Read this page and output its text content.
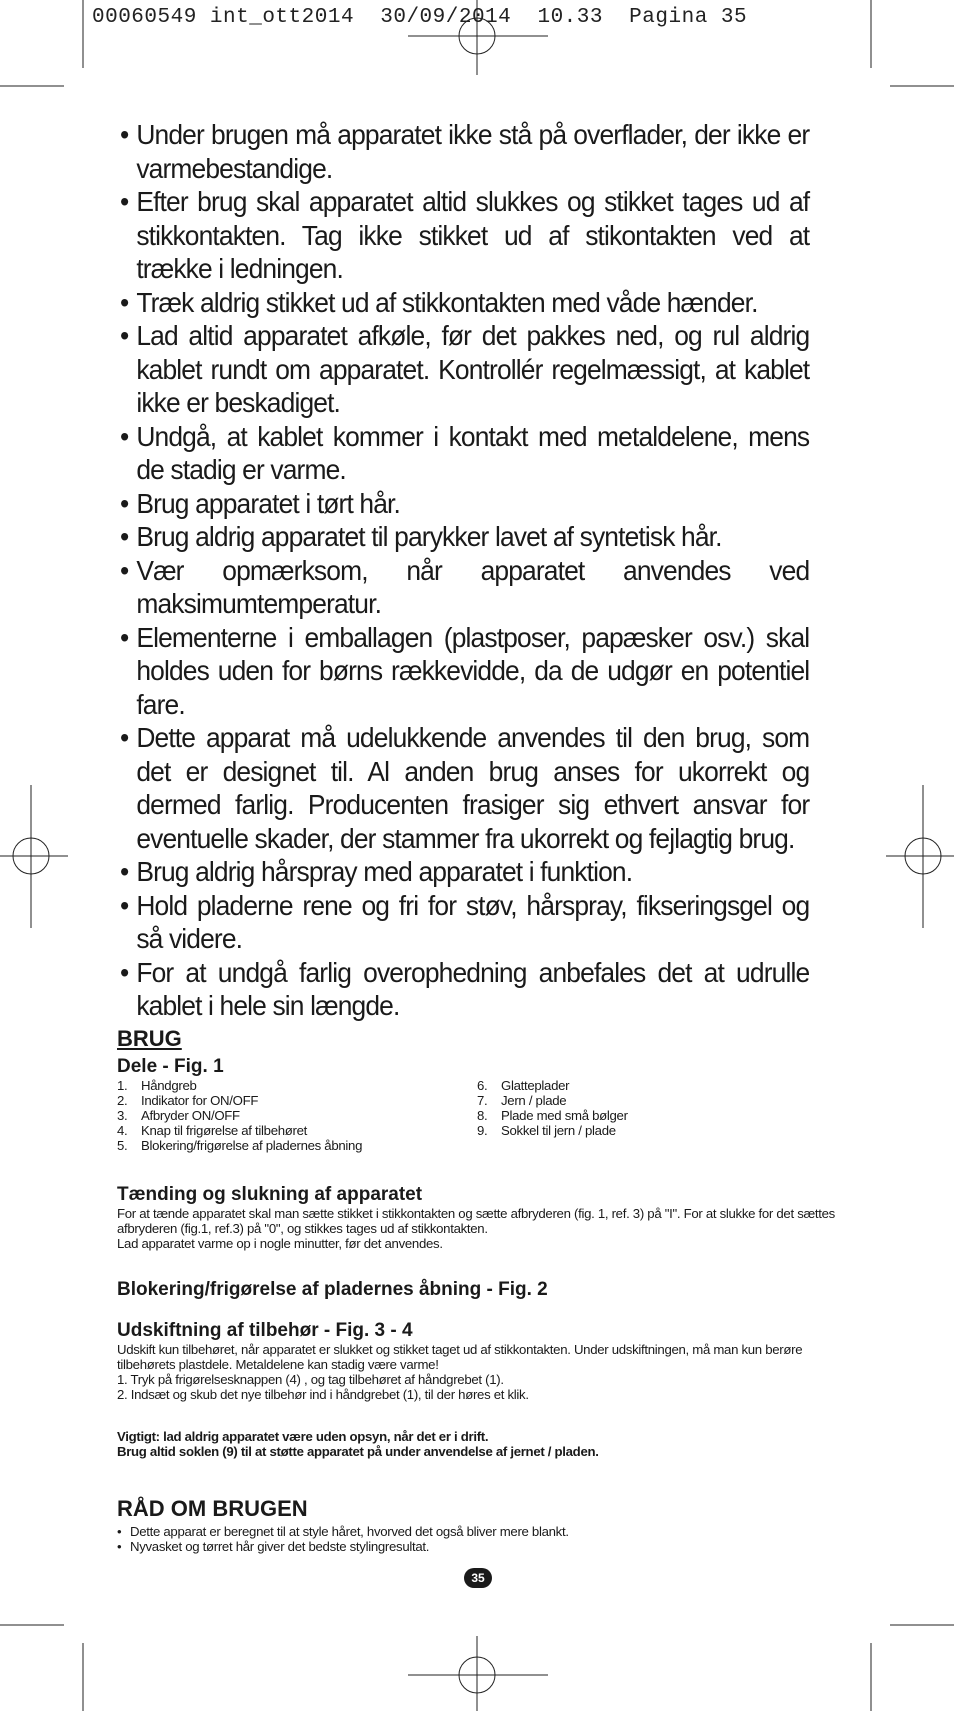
00060549 int_ott2014  30/09/2014  10.33  Pagina 35
• Under brugen må apparatet ikke stå på overflader, der ikke er varmebestandige.
• Efter brug skal apparatet altid slukkes og stikket tages ud af stikkontakten. Tag ikke stikket ud af stikontakten ved at trække i ledningen.
• Træk aldrig stikket ud af stikkontakten med våde hænder.
• Lad altid apparatet afkøle, før det pakkes ned, og rul aldrig kablet rundt om apparatet. Kontrollér regelmæssigt, at kablet ikke er beskadiget.
• Undgå, at kablet kommer i kontakt med metaldelene, mens de stadig er varme.
• Brug apparatet i tørt hår.
• Brug aldrig apparatet til parykker lavet af syntetisk hår.
• Vær opmærksom, når apparatet anvendes ved maksimumtemperatur.
• Elementerne i emballagen (plastposer, papæsker osv.) skal holdes uden for børns rækkevidde, da de udgør en potentiel fare.
• Dette apparat må udelukkende anvendes til den brug, som det er designet til. Al anden brug anses for ukorrekt og dermed farlig. Producenten frasiger sig ethvert ansvar for eventuelle skader, der stammer fra ukorrekt og fejlagtig brug.
• Brug aldrig hårspray med apparatet i funktion.
• Hold pladerne rene og fri for støv, hårspray, fikseringsgel og så videre.
• For at undgå farlig overophedning anbefales det at udrulle kablet i hele sin længde.
BRUG
Dele - Fig. 1
1. Håndgreb
2. Indikator for ON/OFF
3. Afbryder ON/OFF
4. Knap til frigørelse af tilbehøret
5. Blokering/frigørelse af pladernes åbning
6. Glatteplader
7. Jern / plade
8. Plade med små bølger
9. Sokkel til jern / plade
Tænding og slukning af apparatet

For at tænde apparatet skal man sætte stikket i stikkontakten og sætte afbryderen (fig. 1, ref. 3) på "I". For at slukke for det sættes afbryderen (fig.1, ref.3) på "0", og stikkes tages ud af stikkontakten.

Lad apparatet varme op i nogle minutter, før det anvendes.

Blokering/frigørelse af pladernes åbning - Fig. 2
Udskiftning af tilbehør - Fig. 3 - 4

Udskift kun tilbehøret, når apparatet er slukket og stikket taget ud af stikkontakten. Under udskiftningen, må man kun berøre tilbehørets plastdele. Metaldelene kan stadig være varme!

1. Tryk på frigørelsesknappen (4) , og tag tilbehøret af håndgrebet (1).

2. Indsæt og skub det nye tilbehør ind i håndgrebet (1), til der høres et klik.

Vigtigt: lad aldrig apparatet være uden opsyn, når det er i drift.

Brug altid soklen (9) til at støtte apparatet på under anvendelse af jernet / pladen.

RÅD OM BRUGEN
• Dette apparat er beregnet til at style håret, hvorved det også bliver mere blankt.
• Nyvasket og tørret hår giver det bedste stylingresultat.
35
